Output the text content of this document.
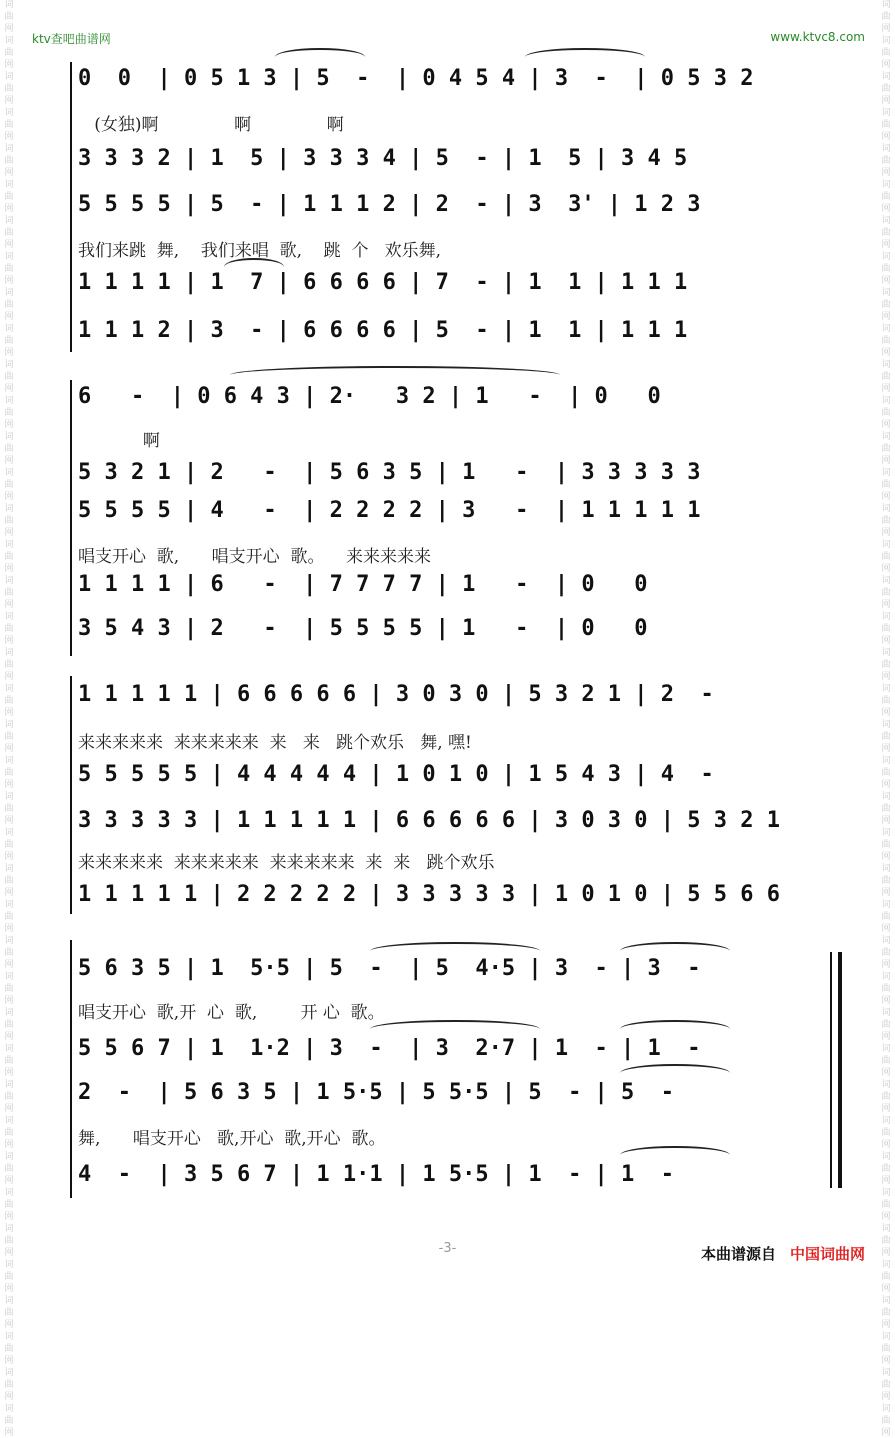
词
曲
网
词
曲
网
词
曲
网
词
曲
网
词
曲
网
词
曲
网
词
曲
网
词
曲
网
词
曲
网
词
曲
网
词
曲
网
词
曲
网
词
曲
网
词
曲
网
词
曲
网
词
曲
网
词
曲
网
词
曲
网
词
曲
网
词
曲
网
词
曲
网
词
曲
网
词
曲
网
词
曲
网
词
曲
网
词
曲
网
词
曲
网
词
曲
网
词
曲
网
词
曲
网
词
曲
网
词
曲
网
词
曲
网
词
曲
网
词
曲
网
词
曲
网
词
曲
网
词
曲
网
词
曲
网
词
曲
网
词
曲
网
词
曲
网
词
曲
网
词
曲
网
词
曲
网
词
曲
网
词
曲
网
词
曲
网
词
曲
网
词
曲
网
词
曲
网
词
曲
网
词
曲
网
词
曲
网
词
曲
网
词
曲
网
词
曲
网
词
曲
网
词
曲
网
词
曲
网
词
曲
网
词
曲
网
词
曲
网
词
曲
网
词
曲
网
词
曲
网
词
曲
网
词
曲
网
词
曲
网
词
曲
网
词
曲
网
词
曲
网
词
曲
网
词
曲
网
词
曲
网
词
曲
网
词
曲
网
词
曲
网
词
曲
网
词
曲
网
ktv查吧曲谱网	www.ktvc8.com
0  0  | 0 5 1 3 | 5  -  | 0 4 5 4 | 3  -  | 0 5 3 2
(女独)啊              啊              啊
3 3 3 2 | 1  5 | 3 3 3 4 | 5  - | 1  5 | 3 4 5
5 5 5 5 | 5  - | 1 1 1 2 | 2  - | 3  3' | 1 2 3
我们来跳  舞,    我们来唱  歌,    跳  个   欢乐舞,
1 1 1 1 | 1  7 | 6 6 6 6 | 7  - | 1  1 | 1 1 1
1 1 1 2 | 3  - | 6 6 6 6 | 5  - | 1  1 | 1 1 1
6   -  | 0 6 4 3 | 2·   3 2 | 1   -  | 0   0
啊
5 3 2 1 | 2   -  | 5 6 3 5 | 1   -  | 3 3 3 3 3
5 5 5 5 | 4   -  | 2 2 2 2 | 3   -  | 1 1 1 1 1
唱支开心  歌,      唱支开心  歌。    来来来来来
1 1 1 1 | 6   -  | 7 7 7 7 | 1   -  | 0   0
3 5 4 3 | 2   -  | 5 5 5 5 | 1   -  | 0   0
1 1 1 1 1 | 6 6 6 6 6 | 3 0 3 0 | 5 3 2 1 | 2  -
来来来来来  来来来来来  来   来   跳个欢乐   舞, 嘿!
5 5 5 5 5 | 4 4 4 4 4 | 1 0 1 0 | 1 5 4 3 | 4  -
3 3 3 3 3 | 1 1 1 1 1 | 6 6 6 6 6 | 3 0 3 0 | 5 3 2 1
来来来来来  来来来来来  来来来来来  来  来   跳个欢乐
1 1 1 1 1 | 2 2 2 2 2 | 3 3 3 3 3 | 1 0 1 0 | 5 5 6 6
5 6 3 5 | 1  5·5 | 5  -  | 5  4·5 | 3  - | 3  -
唱支开心  歌,开  心  歌,        开 心  歌。
5 5 6 7 | 1  1·2 | 3  -  | 3  2·7 | 1  - | 1  -
2  -  | 5 6 3 5 | 1 5·5 | 5 5·5 | 5  - | 5  -
舞,      唱支开心   歌,开心  歌,开心  歌。
4  -  | 3 5 6 7 | 1 1·1 | 1 5·5 | 1  - | 1  -
-3-	本曲谱源自 中国词曲网
